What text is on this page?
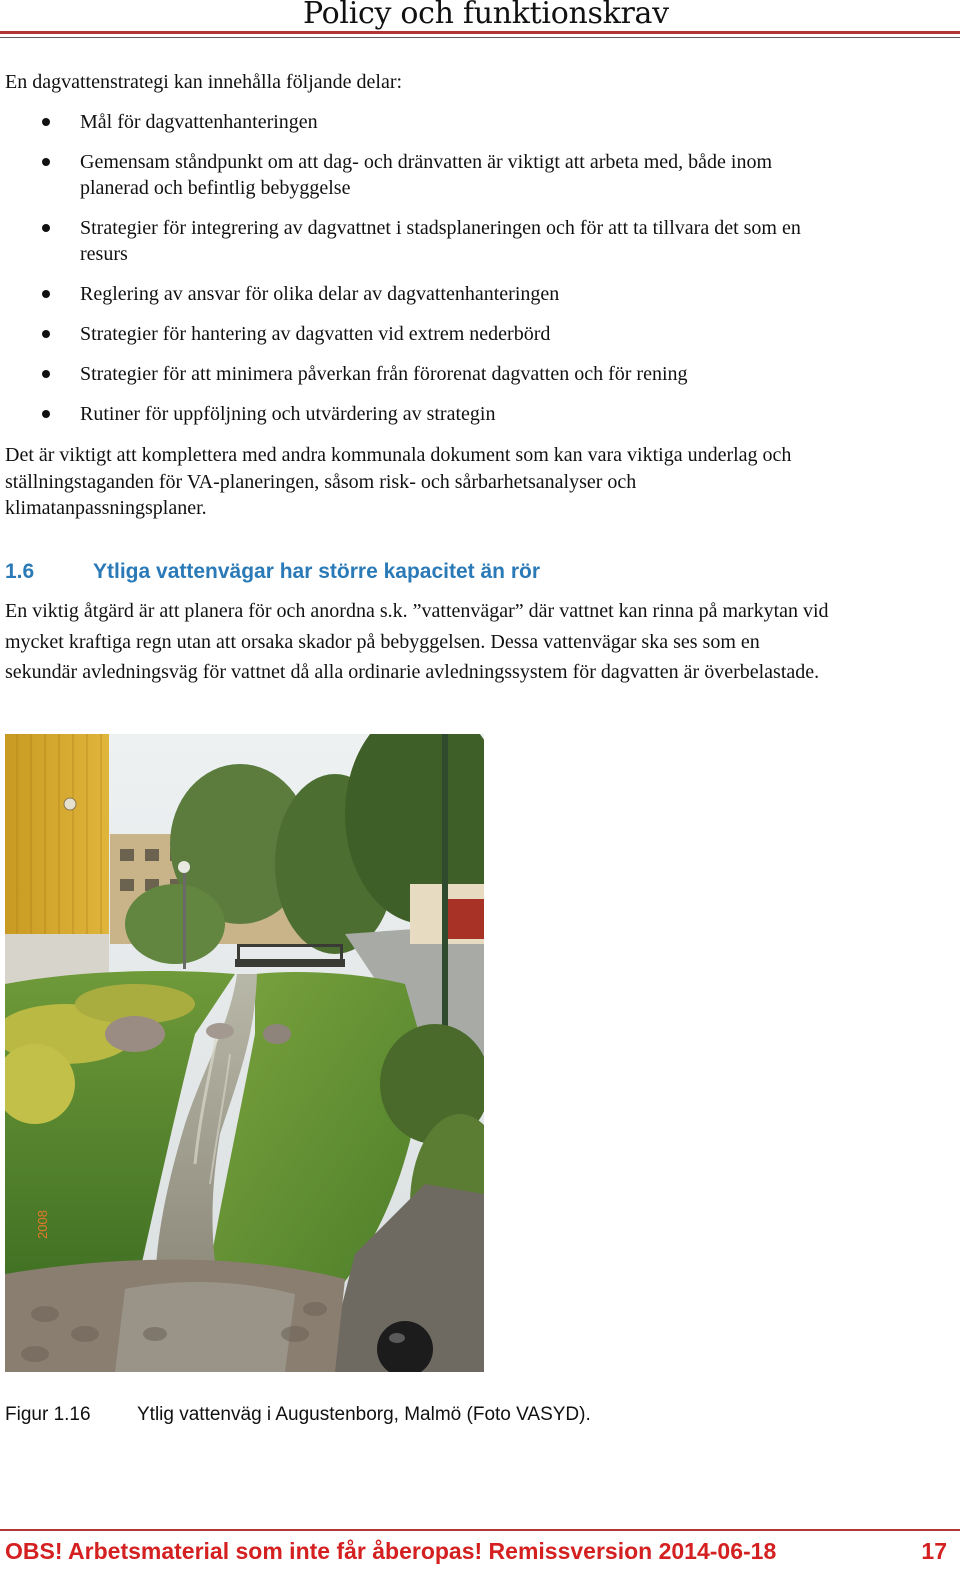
Policy och funktionskrav
En dagvattenstrategi kan innehålla följande delar:
Mål för dagvattenhanteringen
Gemensam ståndpunkt om att dag- och dränvatten är viktigt att arbeta med, både inom
planerad och befintlig bebyggelse
Strategier för integrering av dagvattnet i stadsplaneringen och för att ta tillvara det som en
resurs
Reglering av ansvar för olika delar av dagvattenhanteringen
Strategier för hantering av dagvatten vid extrem nederbörd
Strategier för att minimera påverkan från förorenat dagvatten och för rening
Rutiner för uppföljning och utvärdering av strategin
Det är viktigt att komplettera med andra kommunala dokument som kan vara viktiga underlag och
ställningstaganden för VA-planeringen, såsom risk- och sårbarhetsanalyser och
klimatanpassningsplaner.
1.6	Ytliga vattenvägar har större kapacitet än rör
En viktig åtgärd är att planera för och anordna s.k. ”vattenvägar” där vattnet kan rinna på markytan vid
mycket kraftiga regn utan att orsaka skador på bebyggelsen. Dessa vattenvägar ska ses som en
sekundär avledningsväg för vattnet då alla ordinarie avledningssystem för dagvatten är överbelastade.
2008
Figur 1.16 Ytlig vattenväg i Augustenborg, Malmö (Foto VASYD).
OBS! Arbetsmaterial som inte får åberopas! Remissversion 2014-06-18	17
